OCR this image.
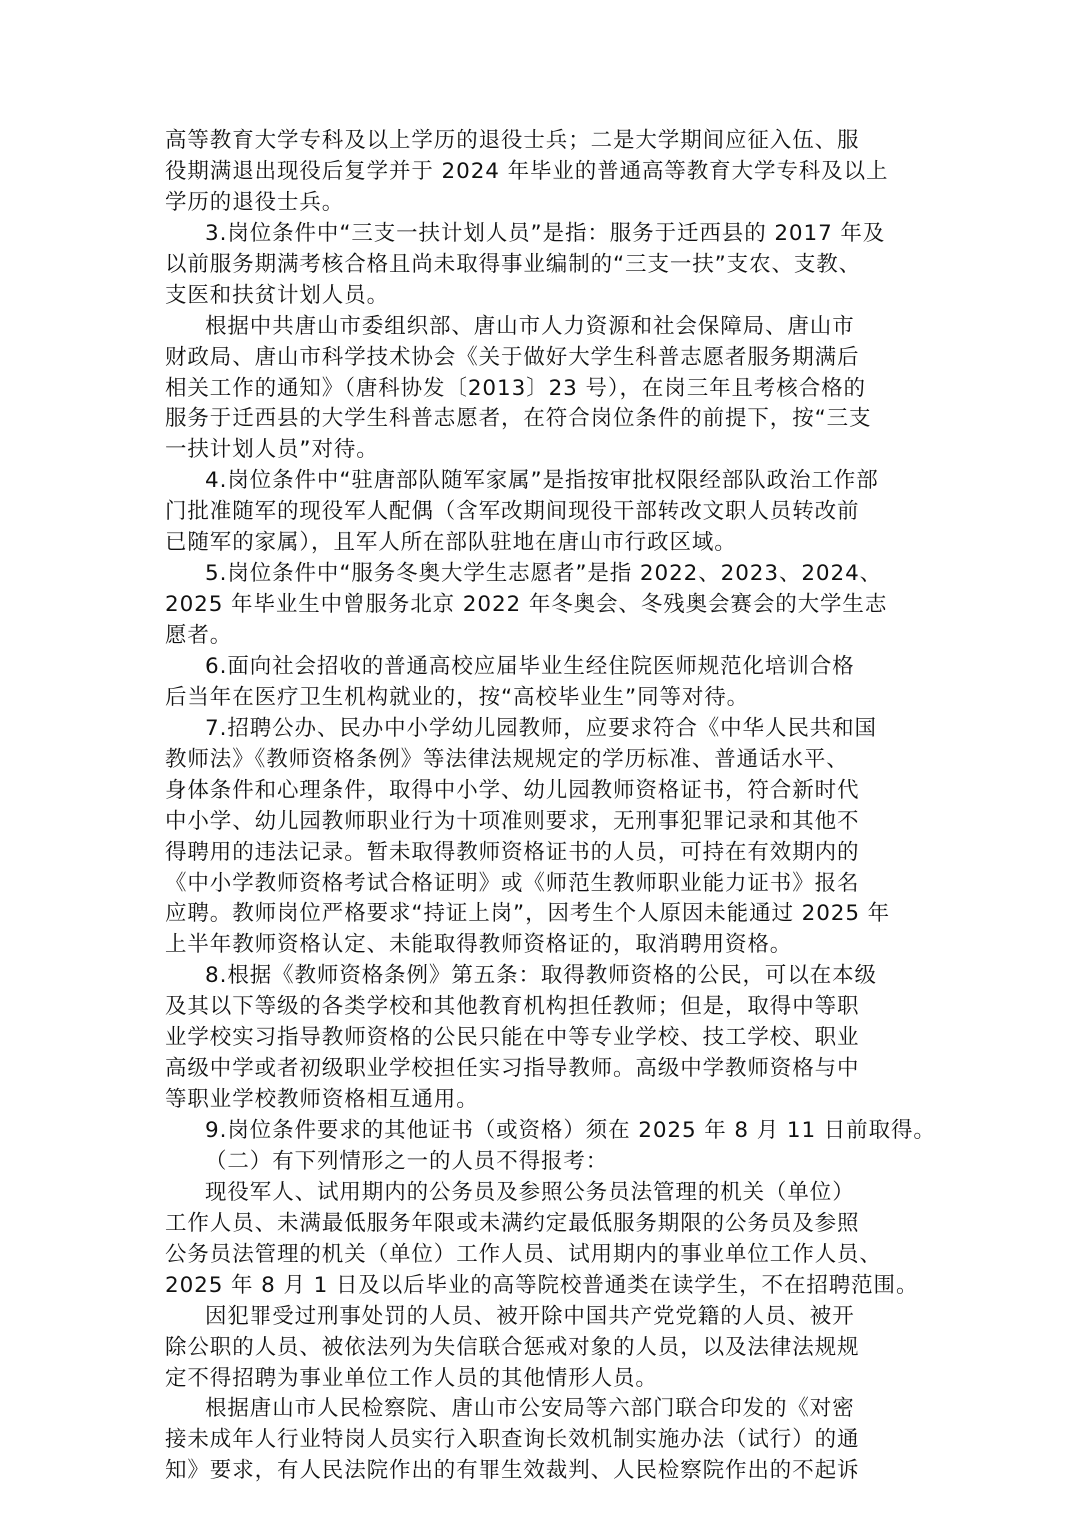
高等教育大学专科及以上学历的退役士兵；二是大学期间应征入伍、服
役期满退出现役后复学并于 2024 年毕业的普通高等教育大学专科及以上
学历的退役士兵。
3.岗位条件中“三支一扶计划人员”是指：服务于迁西县的 2017 年及
以前服务期满考核合格且尚未取得事业编制的“三支一扶”支农、支教、
支医和扶贫计划人员。
根据中共唐山市委组织部、唐山市人力资源和社会保障局、唐山市
财政局、唐山市科学技术协会《关于做好大学生科普志愿者服务期满后
相关工作的通知》（唐科协发〔2013〕23 号），在岗三年且考核合格的
服务于迁西县的大学生科普志愿者，在符合岗位条件的前提下，按“三支
一扶计划人员”对待。
4.岗位条件中“驻唐部队随军家属”是指按审批权限经部队政治工作部
门批准随军的现役军人配偶（含军改期间现役干部转改文职人员转改前
已随军的家属），且军人所在部队驻地在唐山市行政区域。
5.岗位条件中“服务冬奥大学生志愿者”是指 2022、2023、2024、
2025 年毕业生中曾服务北京 2022 年冬奥会、冬残奥会赛会的大学生志
愿者。
6.面向社会招收的普通高校应届毕业生经住院医师规范化培训合格
后当年在医疗卫生机构就业的，按“高校毕业生”同等对待。
7.招聘公办、民办中小学幼儿园教师，应要求符合《中华人民共和国
教师法》《教师资格条例》等法律法规规定的学历标准、普通话水平、
身体条件和心理条件，取得中小学、幼儿园教师资格证书，符合新时代
中小学、幼儿园教师职业行为十项准则要求，无刑事犯罪记录和其他不
得聘用的违法记录。暂未取得教师资格证书的人员，可持在有效期内的
《中小学教师资格考试合格证明》或《师范生教师职业能力证书》报名
应聘。教师岗位严格要求“持证上岗”，因考生个人原因未能通过 2025 年
上半年教师资格认定、未能取得教师资格证的，取消聘用资格。
8.根据《教师资格条例》第五条：取得教师资格的公民，可以在本级
及其以下等级的各类学校和其他教育机构担任教师；但是，取得中等职
业学校实习指导教师资格的公民只能在中等专业学校、技工学校、职业
高级中学或者初级职业学校担任实习指导教师。高级中学教师资格与中
等职业学校教师资格相互通用。
9.岗位条件要求的其他证书（或资格）须在 2025 年 8 月 11 日前取得。
（二）有下列情形之一的人员不得报考：
现役军人、试用期内的公务员及参照公务员法管理的机关（单位）
工作人员、未满最低服务年限或未满约定最低服务期限的公务员及参照
公务员法管理的机关（单位）工作人员、试用期内的事业单位工作人员、
2025 年 8 月 1 日及以后毕业的高等院校普通类在读学生，不在招聘范围。
因犯罪受过刑事处罚的人员、被开除中国共产党党籍的人员、被开
除公职的人员、被依法列为失信联合惩戒对象的人员，以及法律法规规
定不得招聘为事业单位工作人员的其他情形人员。
根据唐山市人民检察院、唐山市公安局等六部门联合印发的《对密
接未成年人行业特岗人员实行入职查询长效机制实施办法（试行）的通
知》要求，有人民法院作出的有罪生效裁判、人民检察院作出的不起诉
